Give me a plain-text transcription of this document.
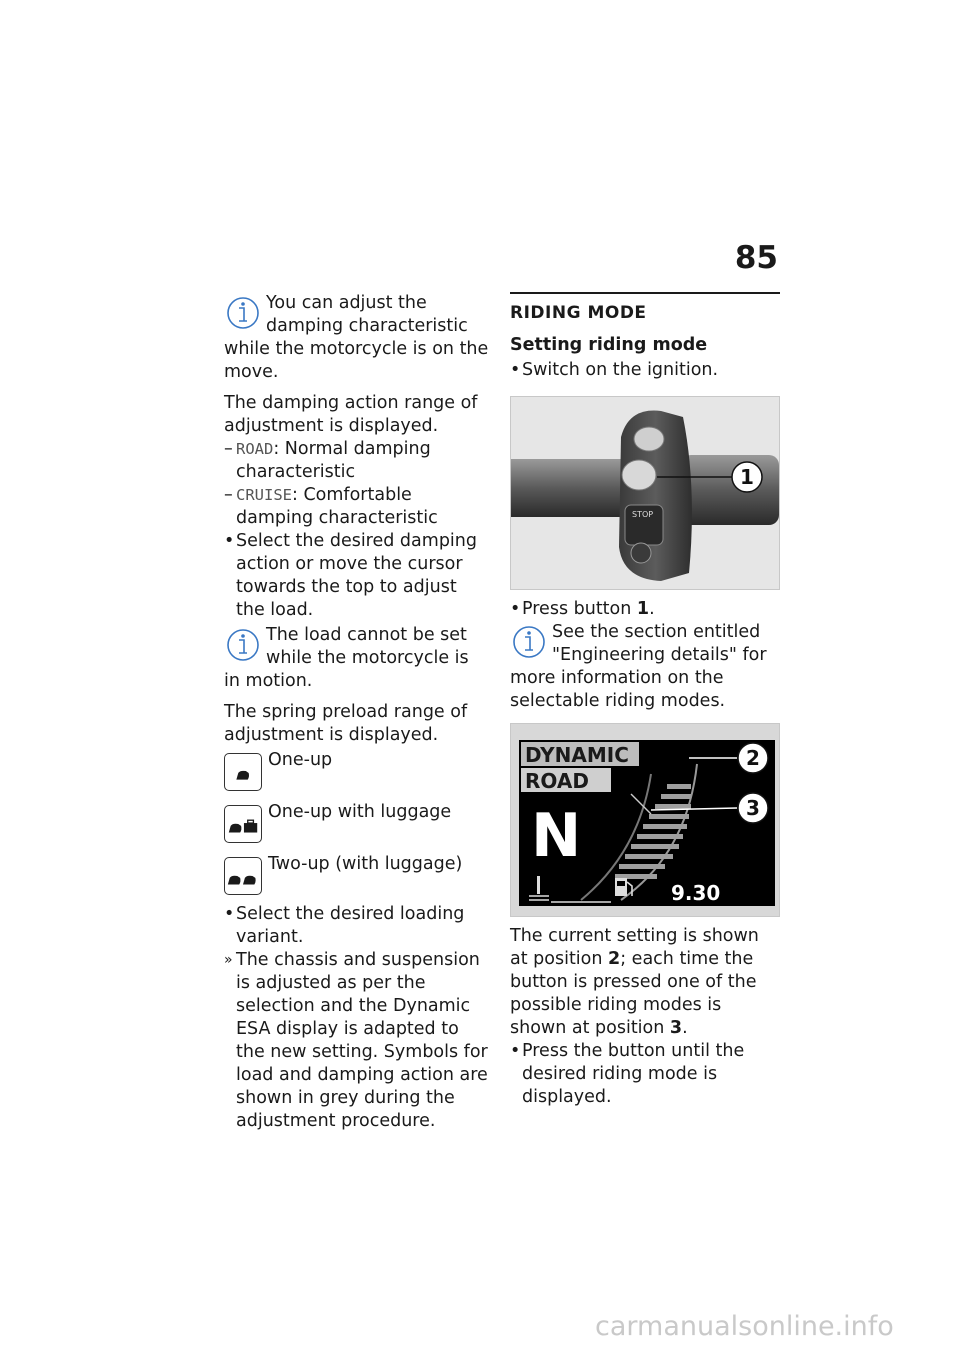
85

You can adjust the damping characteristic while the motorcycle is on the move.

The damping action range of adjustment is displayed.

– ROAD: Normal damping characteristic
– CRUISE: Comfortable damping characteristic
• Select the desired damping action or move the cursor towards the top to adjust the load.

The load cannot be set while the motorcycle is in motion.

The spring preload range of adjustment is displayed.

One-up
One-up with luggage
Two-up (with luggage)
• Select the desired loading variant.
» The chassis and suspension is adjusted as per the selection and the Dynamic ESA display is adapted to the new setting. Symbols for load and damping action are shown in grey during the adjustment procedure.
RIDING MODE
Setting riding mode
• Switch on the ignition.
STOP
1
• Press button 1.

See the section entitled "Engineering details" for more information on the selectable riding modes.

DYNAMIC
ROAD
N
2
3
9.30

The current setting is shown at position 2; each time the button is pressed one of the possible riding modes is shown at position 3.

• Press the button until the desired riding mode is displayed.
carmanualsonline.info
